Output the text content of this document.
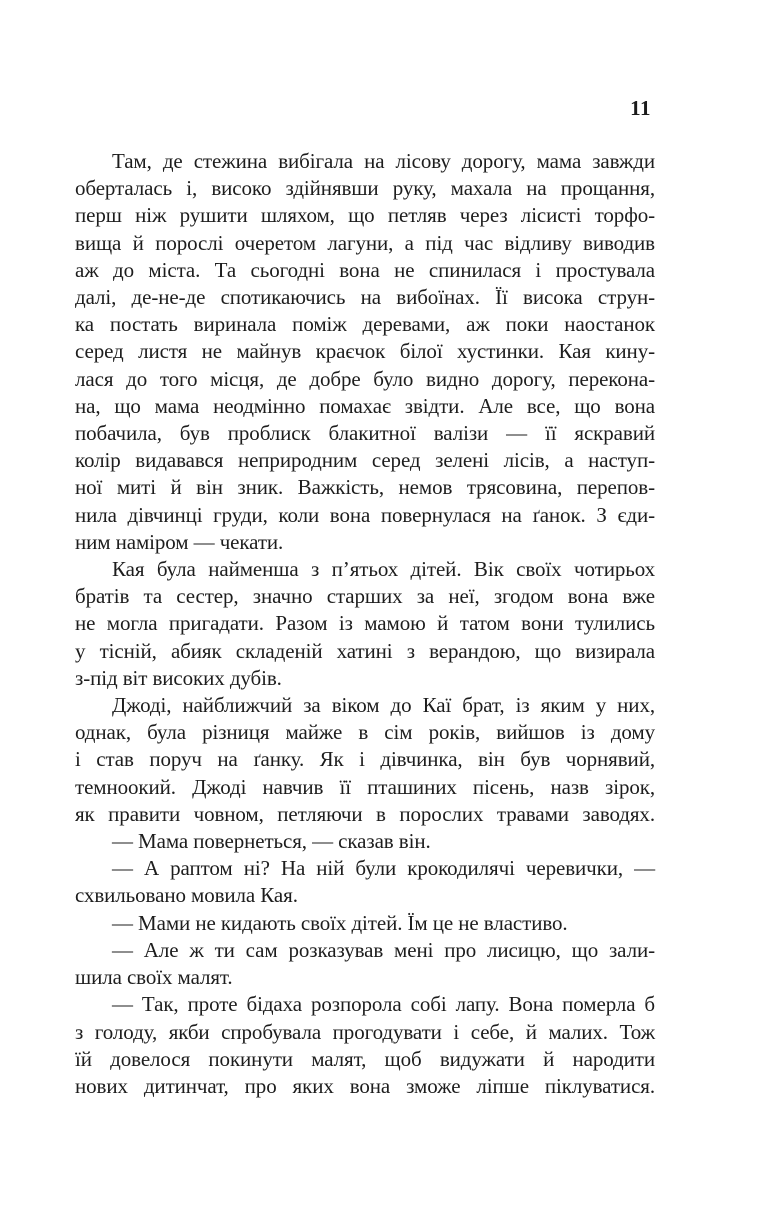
11
Там, де стежина вибігала на лісову дорогу, мама завжди
оберталась і, високо здійнявши руку, махала на прощання,
перш ніж рушити шляхом, що петляв через лісисті торфо-
вища й порослі очеретом лагуни, а під час відливу виводив
аж до міста. Та сьогодні вона не спинилася і простувала
далі, де-не-де спотикаючись на вибоїнах. Її висока струн-
ка постать виринала поміж деревами, аж поки наостанок
серед листя не майнув краєчок білої хустинки. Кая кину-
лася до того місця, де добре було видно дорогу, перекона-
на, що мама неодмінно помахає звідти. Але все, що вона
побачила, був проблиск блакитної валізи — її яскравий
колір видавався неприродним серед зелені лісів, а наступ-
ної миті й він зник. Важкість, немов трясовина, перепов-
нила дівчинці груди, коли вона повернулася на ґанок. З єди-
ним наміром — чекати.
Кая була найменша з п’ятьох дітей. Вік своїх чотирьох
братів та сестер, значно старших за неї, згодом вона вже
не могла пригадати. Разом із мамою й татом вони тулились
у тісній, абияк складеній хатині з верандою, що визирала
з-під віт високих дубів.
Джоді, найближчий за віком до Каї брат, із яким у них,
однак, була різниця майже в сім років, вийшов із дому
і став поруч на ґанку. Як і дівчинка, він був чорнявий,
темноокий. Джоді навчив її пташиних пісень, назв зірок,
як правити човном, петляючи в порослих травами заводях.
— Мама повернеться, — сказав він.
— А раптом ні? На ній були крокодилячі черевички, —
схвильовано мовила Кая.
— Мами не кидають своїх дітей. Їм це не властиво.
— Але ж ти сам розказував мені про лисицю, що зали-
шила своїх малят.
— Так, проте бідаха розпорола собі лапу. Вона померла б
з голоду, якби спробувала прогодувати і себе, й малих. Тож
їй довелося покинути малят, щоб видужати й народити
нових дитинчат, про яких вона зможе ліпше піклуватися.
